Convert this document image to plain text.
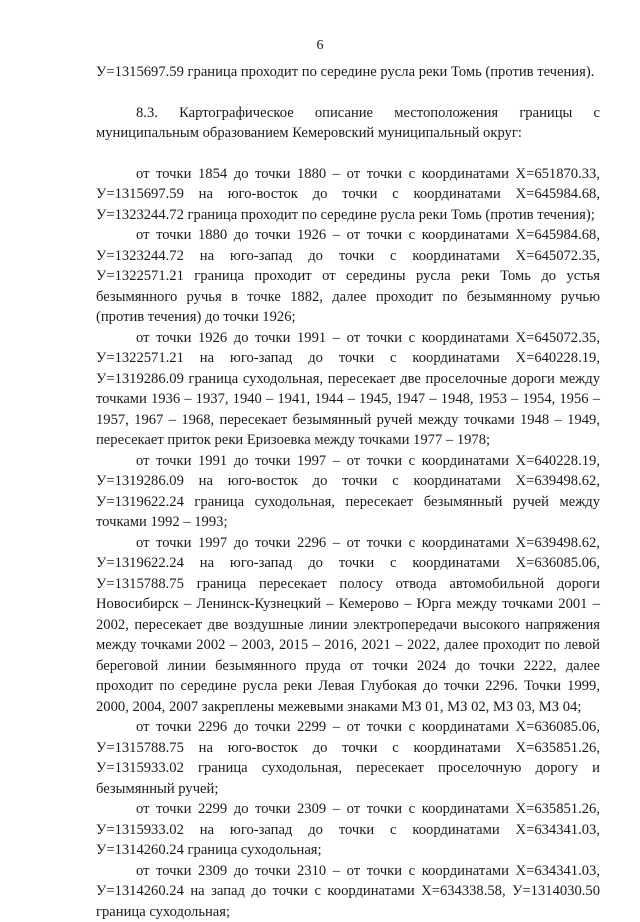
6

У=1315697.59 граница проходит по середине русла реки Томь (против течения).

8.3. Картографическое описание местоположения границы с муниципальным образованием Кемеровский муниципальный округ:

от точки 1854 до точки 1880 – от точки с координатами Х=651870.33, У=1315697.59 на юго-восток до точки с координатами Х=645984.68, У=1323244.72 граница проходит по середине русла реки Томь (против течения);

от точки 1880 до точки 1926 – от точки с координатами Х=645984.68, У=1323244.72 на юго-запад до точки с координатами Х=645072.35, У=1322571.21 граница проходит от середины русла реки Томь до устья безымянного ручья в точке 1882, далее проходит по безымянному ручью (против течения) до точки 1926;

от точки 1926 до точки 1991 – от точки с координатами Х=645072.35, У=1322571.21 на юго-запад до точки с координатами Х=640228.19, У=1319286.09 граница суходольная, пересекает две проселочные дороги между точками 1936 – 1937, 1940 – 1941, 1944 – 1945, 1947 – 1948, 1953 – 1954, 1956 – 1957, 1967 – 1968, пересекает безымянный ручей между точками 1948 – 1949, пересекает приток реки Еризоевка между точками 1977 – 1978;

от точки 1991 до точки 1997 – от точки с координатами Х=640228.19, У=1319286.09 на юго-восток до точки с координатами Х=639498.62, У=1319622.24 граница суходольная, пересекает безымянный ручей между точками 1992 – 1993;

от точки 1997 до точки 2296 – от точки с координатами Х=639498.62, У=1319622.24 на юго-запад до точки с координатами Х=636085.06, У=1315788.75 граница пересекает полосу отвода автомобильной дороги Новосибирск – Ленинск-Кузнецкий – Кемерово – Юрга между точками 2001 – 2002, пересекает две воздушные линии электропередачи высокого напряжения между точками 2002 – 2003, 2015 – 2016, 2021 – 2022, далее проходит по левой береговой линии безымянного пруда от точки 2024 до точки 2222, далее проходит по середине русла реки Левая Глубокая до точки 2296. Точки 1999, 2000, 2004, 2007 закреплены межевыми знаками МЗ 01, МЗ 02, МЗ 03, МЗ 04;

от точки 2296 до точки 2299 – от точки с координатами Х=636085.06, У=1315788.75 на юго-восток до точки с координатами Х=635851.26, У=1315933.02 граница суходольная, пересекает проселочную дорогу и безымянный ручей;

от точки 2299 до точки 2309 – от точки с координатами Х=635851.26, У=1315933.02 на юго-запад до точки с координатами Х=634341.03, У=1314260.24 граница суходольная;

от точки 2309 до точки 2310 – от точки с координатами Х=634341.03, У=1314260.24 на запад до точки с координатами Х=634338.58, У=1314030.50 граница суходольная;
